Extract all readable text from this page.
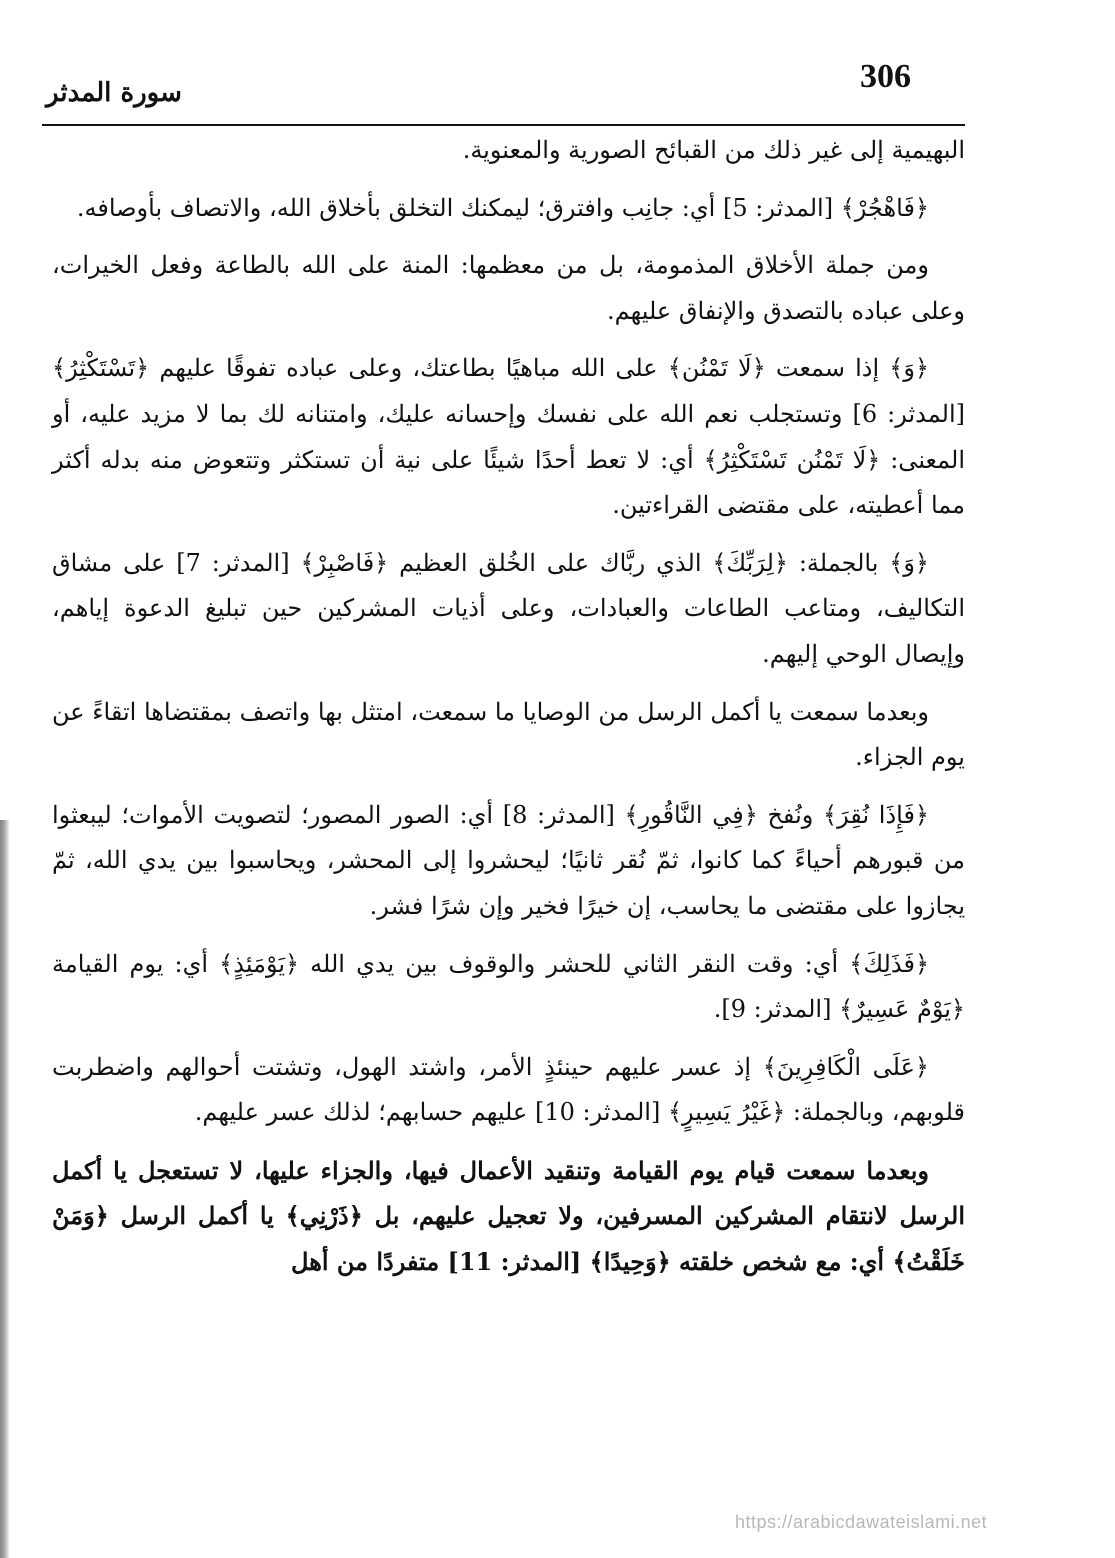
306
سورة المدثر

البهيمية إلى غير ذلك من القبائح الصورية والمعنوية.

﴿فَاهْجُرْ﴾ [المدثر: 5] أي: جانِب وافترق؛ ليمكنك التخلق بأخلاق الله، والاتصاف بأوصافه.

ومن جملة الأخلاق المذمومة، بل من معظمها: المنة على الله بالطاعة وفعل الخيرات، وعلى عباده بالتصدق والإنفاق عليهم.

﴿وَ﴾ إذا سمعت ﴿لَا تَمْنُن﴾ على الله مباهيًا بطاعتك، وعلى عباده تفوقًا عليهم ﴿تَسْتَكْثِرُ﴾ [المدثر: 6] وتستجلب نعم الله على نفسك وإحسانه عليك، وامتنانه لك بما لا مزيد عليه، أو المعنى: ﴿لَا تَمْنُن تَسْتَكْثِرُ﴾ أي: لا تعط أحدًا شيئًا على نية أن تستكثر وتتعوض منه بدله أكثر مما أعطيته، على مقتضى القراءتين.

﴿وَ﴾ بالجملة: ﴿لِرَبِّكَ﴾ الذي ربَّاك على الخُلق العظيم ﴿فَاصْبِرْ﴾ [المدثر: 7] على مشاق التكاليف، ومتاعب الطاعات والعبادات، وعلى أذيات المشركين حين تبليغ الدعوة إياهم، وإيصال الوحي إليهم.

وبعدما سمعت يا أكمل الرسل من الوصايا ما سمعت، امتثل بها واتصف بمقتضاها اتقاءً عن يوم الجزاء.

﴿فَإِذَا نُقِرَ﴾ ونُفخ ﴿فِي النَّاقُورِ﴾ [المدثر: 8] أي: الصور المصور؛ لتصويت الأموات؛ ليبعثوا من قبورهم أحياءً كما كانوا، ثمّ نُقر ثانيًا؛ ليحشروا إلى المحشر، ويحاسبوا بين يدي الله، ثمّ يجازوا على مقتضى ما يحاسب، إن خيرًا فخير وإن شرًا فشر.

﴿فَذَلِكَ﴾ أي: وقت النقر الثاني للحشر والوقوف بين يدي الله ﴿يَوْمَئِذٍ﴾ أي: يوم القيامة ﴿يَوْمٌ عَسِيرٌ﴾ [المدثر: 9].

﴿عَلَى الْكَافِرِينَ﴾ إذ عسر عليهم حينئذٍ الأمر، واشتد الهول، وتشتت أحوالهم واضطربت قلوبهم، وبالجملة: ﴿غَيْرُ يَسِيرٍ﴾ [المدثر: 10] عليهم حسابهم؛ لذلك عسر عليهم.

وبعدما سمعت قيام يوم القيامة وتنقيد الأعمال فيها، والجزاء عليها، لا تستعجل يا أكمل الرسل لانتقام المشركين المسرفين، ولا تعجيل عليهم، بل ﴿ذَرْنِي﴾ يا أكمل الرسل ﴿وَمَنْ خَلَقْتُ﴾ أي: مع شخص خلقته ﴿وَحِيدًا﴾ [المدثر: 11] متفردًا من أهل

https://arabicdawateislami.net
